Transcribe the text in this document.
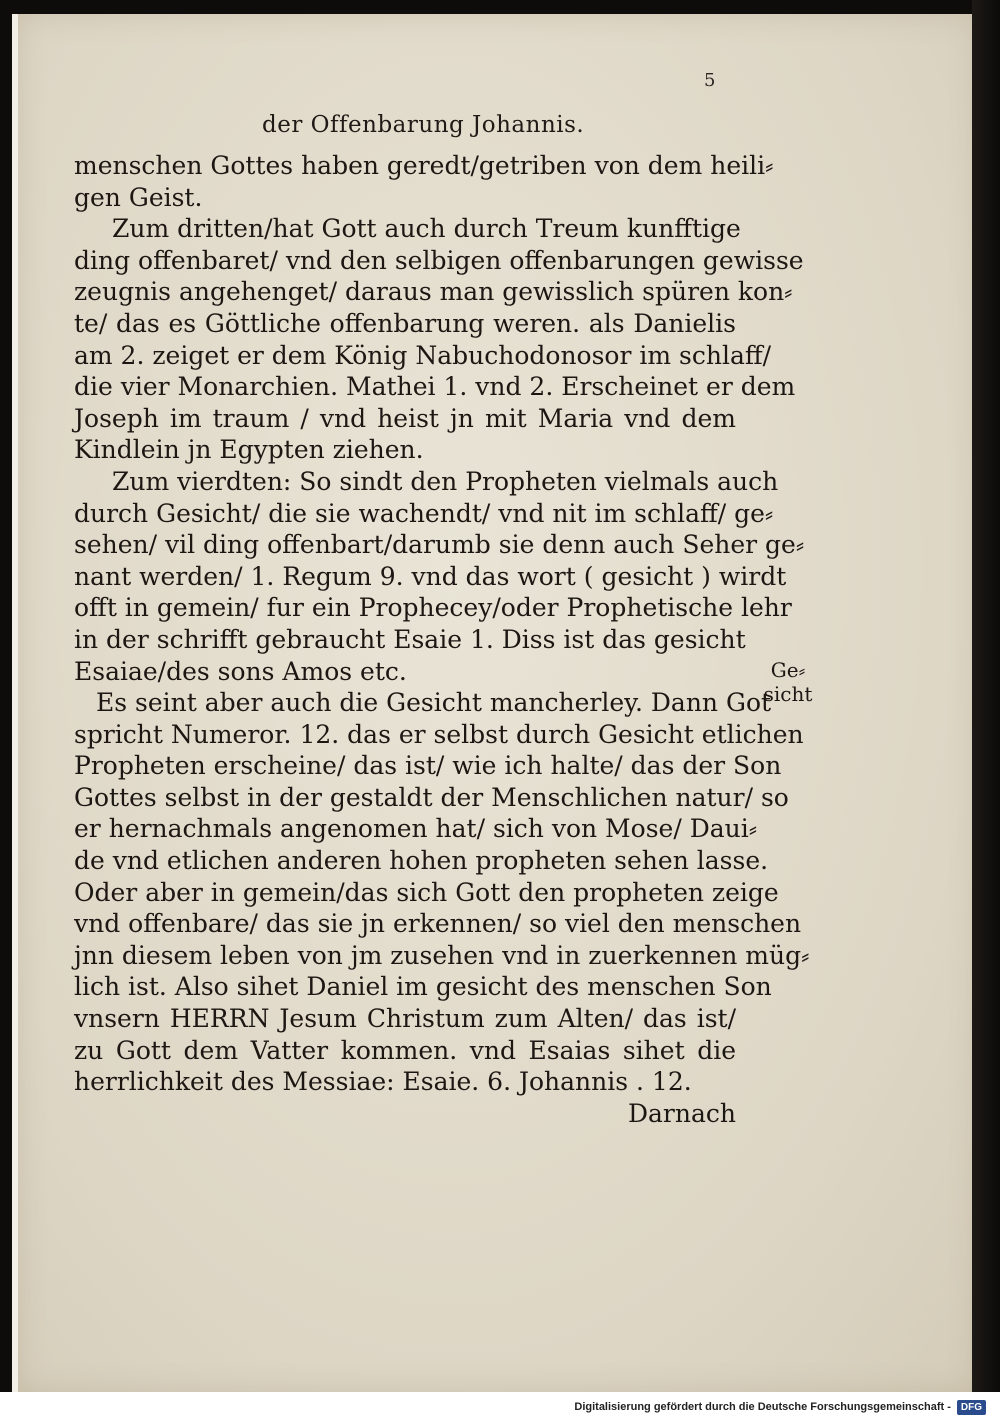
5
der Offenbarung Johannis.
menschen Gottes haben geredt/getriben von dem heili⸗
gen Geist.
Zum dritten/hat Gott auch durch Treum kunfftige
ding offenbaret/ vnd den selbigen offenbarungen gewisse
zeugnis angehenget/ daraus man gewisslich spüren kon⸗
te/ das es Göttliche offenbarung weren. als Danielis
am 2. zeiget er dem König Nabuchodonosor im schlaff/
die vier Monarchien. Mathei 1. vnd 2. Erscheinet er dem
Joseph im traum / vnd heist jn mit Maria vnd dem
Kindlein jn Egypten ziehen.
Zum vierdten: So sindt den Propheten vielmals auch
durch Gesicht/ die sie wachendt/ vnd nit im schlaff/ ge⸗
sehen/ vil ding offenbart/darumb sie denn auch Seher ge⸗
nant werden/ 1. Regum 9. vnd das wort ( gesicht ) wirdt
offt in gemein/ fur ein Prophecey/oder Prophetische lehr
in der schrifft gebraucht Esaie 1. Diss ist das gesicht
Esaiae/des sons Amos etc.
Es seint aber auch die Gesicht mancherley. Dann Got
spricht Numeror. 12. das er selbst durch Gesicht etlichen
Propheten erscheine/ das ist/ wie ich halte/ das der Son
Gottes selbst in der gestaldt der Menschlichen natur/ so
er hernachmals angenomen hat/ sich von Mose/ Daui⸗
de vnd etlichen anderen hohen propheten sehen lasse.
Oder aber in gemein/das sich Gott den propheten zeige
vnd offenbare/ das sie jn erkennen/ so viel den menschen
jnn diesem leben von jm zusehen vnd in zuerkennen müg⸗
lich ist. Also sihet Daniel im gesicht des menschen Son
vnsern HERRN Jesum Christum zum Alten/ das ist/
zu Gott dem Vatter kommen. vnd Esaias sihet die
herrlichkeit des Messiae: Esaie. 6. Johannis . 12.
Darnach
Ge⸗
sicht
Digitalisierung gefördert durch die Deutsche Forschungsgemeinschaft -	DFG
